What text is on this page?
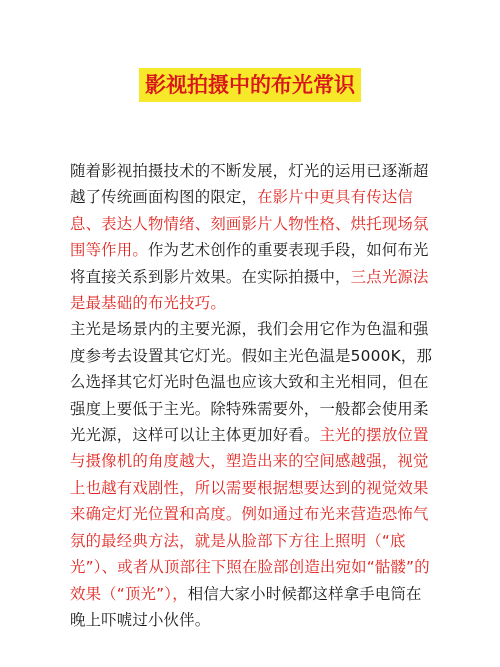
影视拍摄中的布光常识

随着影视拍摄技术的不断发展，灯光的运用已逐渐超越了传统画面构图的限定，在影片中更具有传达信息、表达人物情绪、刻画影片人物性格、烘托现场氛围等作用。作为艺术创作的重要表现手段，如何布光将直接关系到影片效果。在实际拍摄中，三点光源法是最基础的布光技巧。
主光是场景内的主要光源，我们会用它作为色温和强度参考去设置其它灯光。假如主光色温是5000K，那么选择其它灯光时色温也应该大致和主光相同，但在强度上要低于主光。除特殊需要外，一般都会使用柔光光源，这样可以让主体更加好看。主光的摆放位置与摄像机的角度越大，塑造出来的空间感越强，视觉上也越有戏剧性，所以需要根据想要达到的视觉效果来确定灯光位置和高度。例如通过布光来营造恐怖气氛的最经典方法，就是从脸部下方往上照明（“底光”）、或者从顶部往下照在脸部创造出宛如“骷髅”的效果（“顶光”），相信大家小时候都这样拿手电筒在晚上吓唬过小伙伴。
